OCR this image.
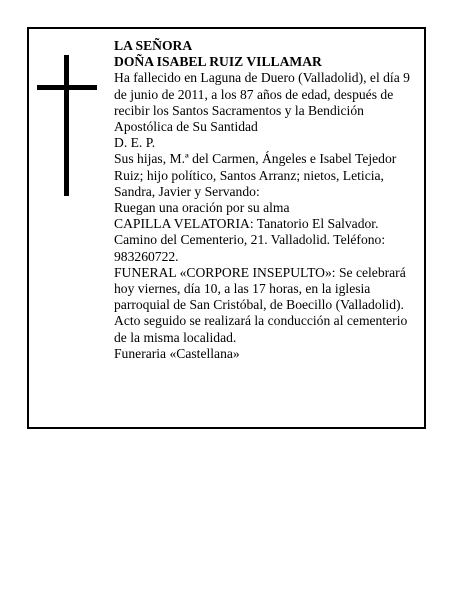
LA SEÑORA

DOÑA ISABEL RUIZ VILLAMAR

Ha fallecido en Laguna de Duero (Valladolid), el día 9 de junio de 2011, a los 87 años de edad, después de recibir los Santos Sacramentos y la Bendición Apostólica de Su Santidad

D. E. P.

Sus hijas, M.ª del Carmen, Ángeles e Isabel Tejedor Ruiz; hijo político, Santos Arranz; nietos, Leticia, Sandra, Javier y Servando:

Ruegan una oración por su alma

CAPILLA VELATORIA: Tanatorio El Salvador. Camino del Cementerio, 21. Valladolid. Teléfono: 983260722.

FUNERAL «CORPORE INSEPULTO»: Se celebrará hoy viernes, día 10, a las 17 horas, en la iglesia parroquial de San Cristóbal, de Boecillo (Valladolid). Acto seguido se realizará la conducción al cementerio de la misma localidad.

Funeraria «Castellana»
